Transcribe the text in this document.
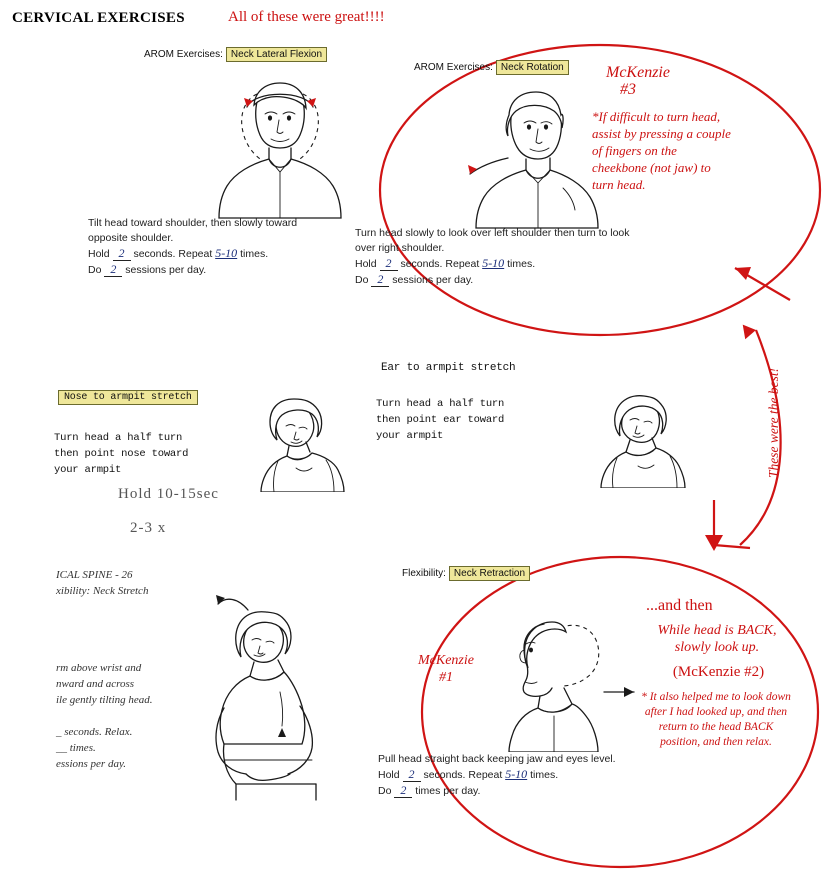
CERVICAL EXERCISES	All of these were great!!!!
AROM Exercises: Neck Lateral Flexion
Tilt head toward shoulder, then slowly toward
opposite shoulder.
Hold 2 seconds. Repeat 5-10 times.
Do 2 sessions per day.
AROM Exercises: Neck Rotation
Turn head slowly to look over left shoulder then turn to look
over right shoulder.
Hold 2 seconds. Repeat 5-10 times.
Do 2 sessions per day.
McKenzie
#3
*If difficult to turn head, assist by pressing a couple of fingers on the cheekbone (not jaw) to turn head.
These were the best!
Nose to armpit stretch
Turn head a half turn
then point nose toward
your armpit
Hold 10-15sec
2-3 x
Ear to armpit stretch
Turn head a half turn
then point ear toward
your armpit
ICAL SPINE - 26
xibility: Neck Stretch
rm above wrist and
nward and across
ile gently tilting head.
_ seconds. Relax.
__ times.
essions per day.
Flexibility: Neck Retraction
Pull head straight back keeping jaw and eyes level.
Hold 2 seconds. Repeat 5-10 times.
Do 2 times per day.
McKenzie
#1
...and then
While head is BACK,
slowly look up.
(McKenzie #2)
* It also helped me to look down after I had looked up, and then return to the head BACK position, and then relax.
